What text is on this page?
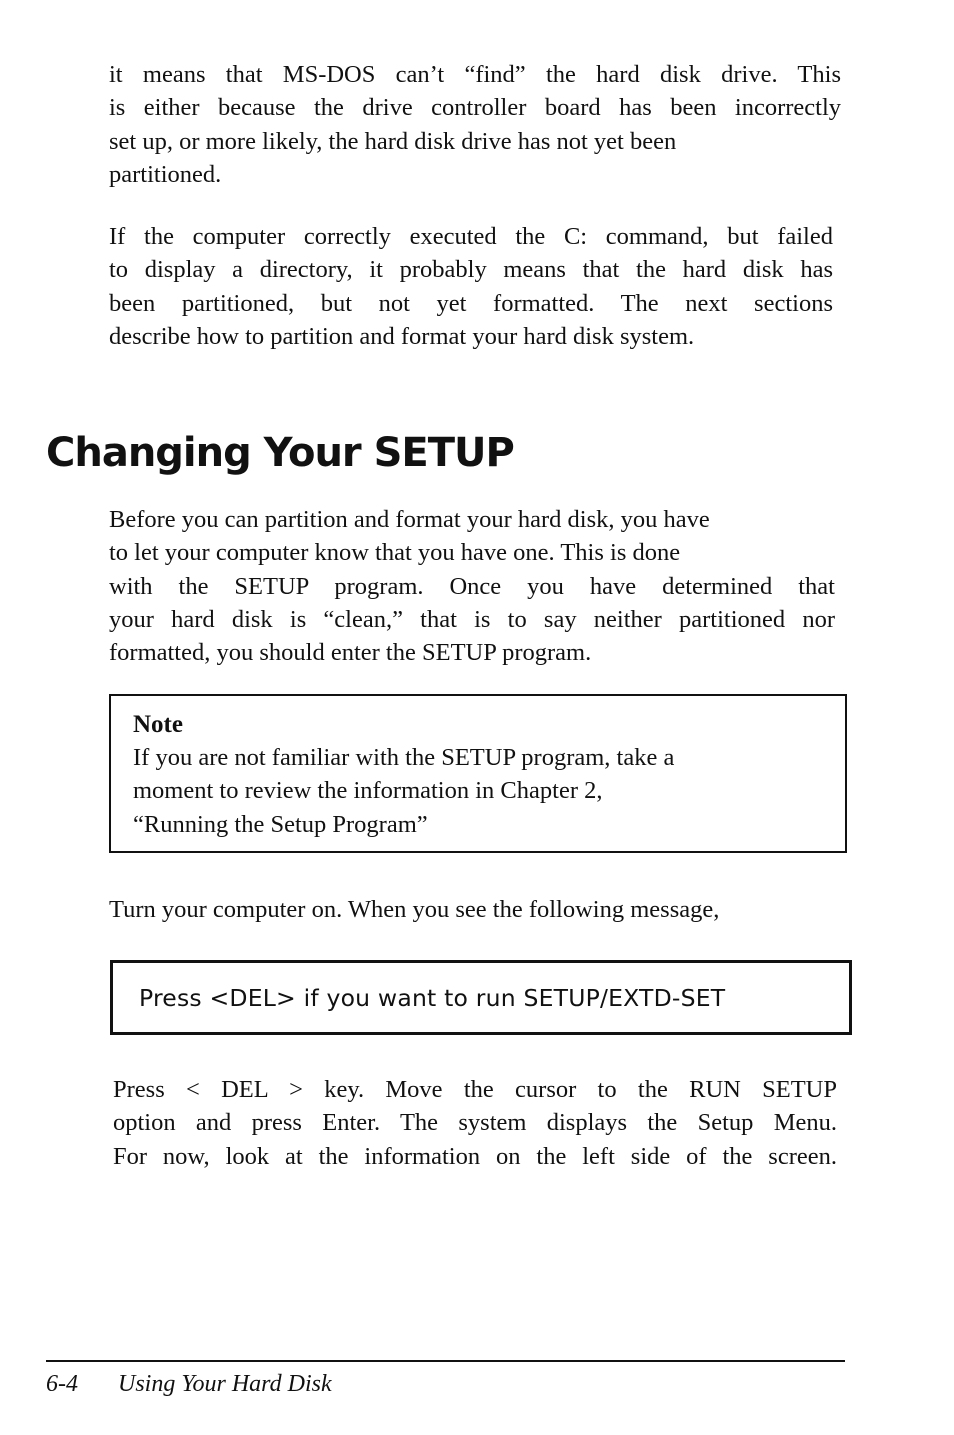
it means that MS-DOS can’t “find” the hard disk drive. This
is either because the drive controller board has been incorrectly
set up, or more likely, the hard disk drive has not yet been
partitioned.

If the computer correctly executed the C: command, but failed
to display a directory, it probably means that the hard disk has
been partitioned, but not yet formatted. The next sections
describe how to partition and format your hard disk system.

Changing Your SETUP

Before you can partition and format your hard disk, you have
to let your computer know that you have one. This is done
with the SETUP program. Once you have determined that
your hard disk is “clean,” that is to say neither partitioned nor
formatted, you should enter the SETUP program.

Note
If you are not familiar with the SETUP program, take a
moment to review the information in Chapter 2,
“Running the Setup Program”

Turn your computer on. When you see the following message,

Press <DEL> if you want to run SETUP/EXTD-SET

Press < DEL > key. Move the cursor to the RUN SETUP
option and press Enter. The system displays the Setup Menu.
For now, look at the information on the left side of the screen.

6-4 Using Your Hard Disk
